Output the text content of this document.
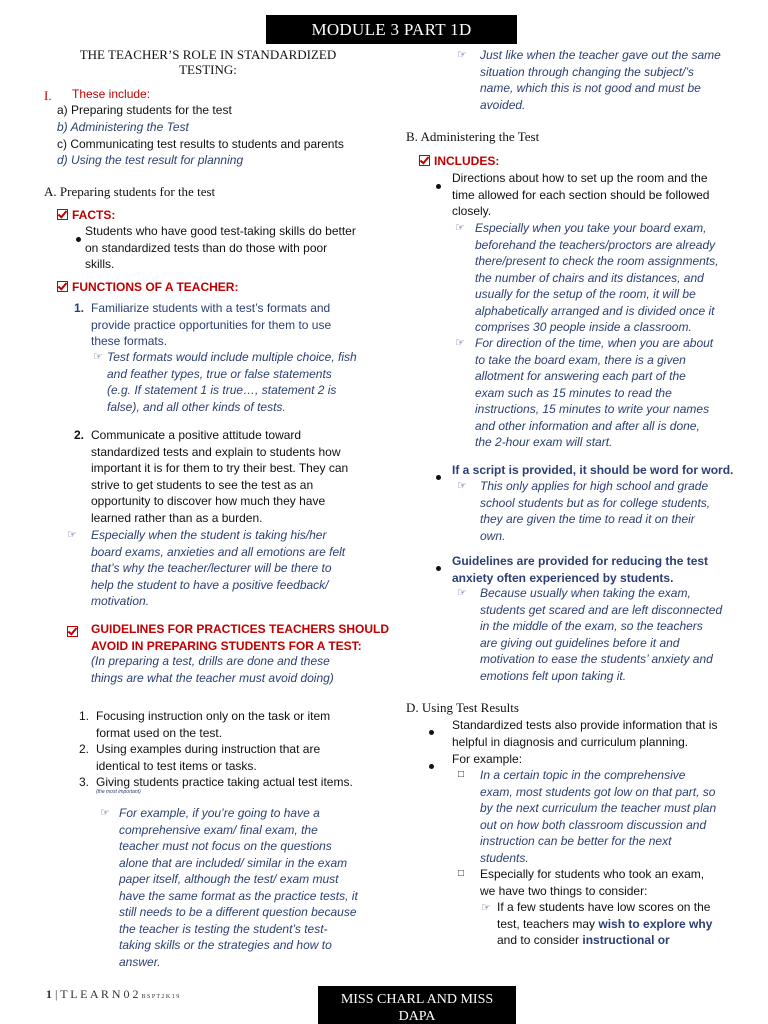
MODULE 3 PART 1D
THE TEACHER’S ROLE IN STANDARDIZED
TESTING:
I. These include:
a) Preparing students for the test
b) Administering the Test
c) Communicating test results to students and parents
d) Using the test result for planning
A. Preparing students for the test
FACTS:
Students who have good test-taking skills do better
on standardized tests than do those with poor
skills.
FUNCTIONS OF A TEACHER:
1. Familiarize students with a test’s formats and
provide practice opportunities for them to use
these formats.
☞ Test formats would include multiple choice, fish
and feather types, true or false statements
(e.g. If statement 1 is true…, statement 2 is
false), and all other kinds of tests.
2. Communicate a positive attitude toward
standardized tests and explain to students how
important it is for them to try their best. They can
strive to get students to see the test as an
opportunity to discover how much they have
learned rather than as a burden.
☞ Especially when the student is taking his/her
board exams, anxieties and all emotions are felt
that’s why the teacher/lecturer will be there to
help the student to have a positive feedback/
motivation.
GUIDELINES FOR PRACTICES TEACHERS SHOULD
AVOID IN PREPARING STUDENTS FOR A TEST:
(In preparing a test, drills are done and these
things are what the teacher must avoid doing)
1. Focusing instruction only on the task or item
format used on the test.
2. Using examples during instruction that are
identical to test items or tasks.
3. Giving students practice taking actual test items.
(the most important)
☞ For example, if you’re going to have a
comprehensive exam/ final exam, the
teacher must not focus on the questions
alone that are included/ similar in the exam
paper itself, although the test/ exam must
have the same format as the practice tests, it
still needs to be a different question because
the teacher is testing the student’s test-
taking skills or the strategies and how to
answer.
☞ Just like when the teacher gave out the same
situation through changing the subject/’s
name, which this is not good and must be
avoided.
B. Administering the Test
INCLUDES:
Directions about how to set up the room and the
time allowed for each section should be followed
closely.
☞ Especially when you take your board exam,
beforehand the teachers/proctors are already
there/present to check the room assignments,
the number of chairs and its distances, and
usually for the setup of the room, it will be
alphabetically arranged and is divided once it
comprises 30 people inside a classroom.
☞ For direction of the time, when you are about
to take the board exam, there is a given
allotment for answering each part of the
exam such as 15 minutes to read the
instructions, 15 minutes to write your names
and other information and after all is done,
the 2-hour exam will start.
If a script is provided, it should be word for word.
☞ This only applies for high school and grade
school students but as for college students,
they are given the time to read it on their
own.
Guidelines are provided for reducing the test
anxiety often experienced by students.
☞ Because usually when taking the exam,
students get scared and are left disconnected
in the middle of the exam, so the teachers
are giving out guidelines before it and
motivation to ease the students’ anxiety and
emotions felt upon taking it.
D. Using Test Results
Standardized tests also provide information that is
helpful in diagnosis and curriculum planning.
For example:
□ In a certain topic in the comprehensive
exam, most students got low on that part, so
by the next curriculum the teacher must plan
out on how both classroom discussion and
instruction can be better for the next
students.
□ Especially for students who took an exam,
we have two things to consider:
☞ If a few students have low scores on the
test, teachers may wish to explore why
and to consider instructional or
1 | T L E A R N 0 2 B S P T 2 K 1 9	MISS CHARL AND MISS
DAPA
